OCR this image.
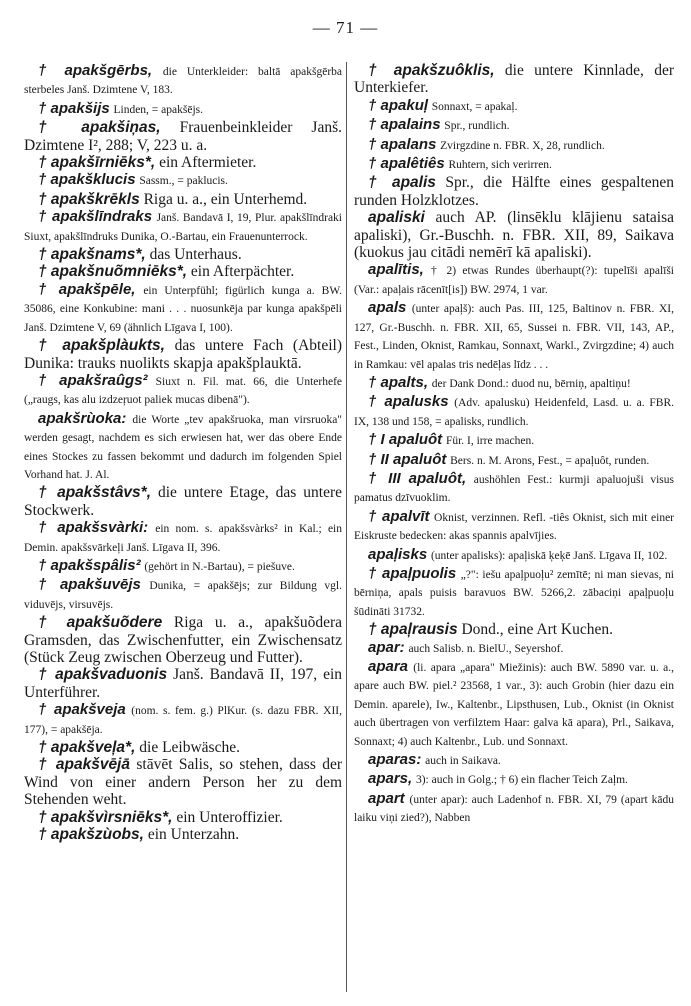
— 71 —

† apakšgērbs, die Unterkleider: baltā apakšgērba sterbeles Janš. Dzimtene V, 183.

† apakšijs Linden, = apakšējs.

† apakšiņas, Frauenbeinkleider Janš. Dzimtene I², 288; V, 223 u. a.

† apakšīrniēks*, ein Aftermieter.

† apakšklucis Sassm., = paklucis.

† apakškrēkls Riga u. a., ein Unterhemd.

† apakšlīndraks Janš. Bandavā I, 19, Plur. apakšlīndraki Siuxt, apakšlīndruks Dunika, O.-Bartau, ein Frauenunterrock.

† apakšnams*, das Unterhaus.

† apakšnuõmniēks*, ein Afterpächter.

† apakšpēle, ein Unterpfühl; figürlich kunga a. BW. 35086, eine Konkubine: mani . . . nuosunkēja par kunga apakšpēli Janš. Dzimtene V, 69 (ähnlich Līgava I, 100).

† apakšplàukts, das untere Fach (Abteil) Dunika: trauks nuolikts skapja apakšplauktā.

† apakšraûgs² Siuxt n. Fil. mat. 66, die Unterhefe („raugs, kas alu izdzeŗuot paliek mucas dibenā").

apakšrùoka: die Worte „tev apakšruoka, man virsruoka" werden gesagt, nachdem es sich erwiesen hat, wer das obere Ende eines Stockes zu fassen bekommt und dadurch im folgenden Spiel Vorhand hat. J. Al.

† apakšstâvs*, die untere Etage, das untere Stockwerk.

† apakšsvàrki: ein nom. s. apakšsvàrks² in Kal.; ein Demin. apakšsvārkeļi Janš. Līgava II, 396.

† apakšspâlis² (gehört in N.-Bartau), = piešuve.

† apakšuvējs Dunika, = apakšējs; zur Bildung vgl. viduvējs, virsuvējs.

† apakšuõdere Riga u. a., apakšuõdera Gramsden, das Zwischenfutter, ein Zwischensatz (Stück Zeug zwischen Oberzeug und Futter).

† apakšvaduonis Janš. Bandavā II, 197, ein Unterführer.

† apakšveja (nom. s. fem. g.) PlKur. (s. dazu FBR. XII, 177), = apakšēja.

† apakšveļa*, die Leibwäsche.

† apakšvējā stāvēt Salis, so stehen, dass der Wind von einer andern Person her zu dem Stehenden weht.

† apakšvìrsniēks*, ein Unteroffizier.

† apakšzùobs, ein Unterzahn.

† apakšzuôklis, die untere Kinnlade, der Unterkiefer.

† apakuļ Sonnaxt, = apakaļ.

† apalains Spr., rundlich.

† apalans Zvirgzdine n. FBR. X, 28, rundlich.

† apalêtiês Ruhtern, sich verirren.

† apalis Spr., die Hälfte eines gespaltenen runden Holzklotzes.

apaliski auch AP. (linsēklu klājienu sataisa apaliski), Gr.-Buschh. n. FBR. XII, 89, Saikava (kuokus jau citādi nemērī kā apaliski).

apalītis, † 2) etwas Rundes überhaupt(?): tupelīši apalīši (Var.: apaļais rācenīt[is]) BW. 2974, 1 var.

apals (unter apaļš): auch Pas. III, 125, Baltinov n. FBR. XI, 127, Gr.-Buschh. n. FBR. XII, 65, Sussei n. FBR. VII, 143, AP., Fest., Linden, Oknist, Ramkau, Sonnaxt, Warkl., Zvirgzdine; 4) auch in Ramkau: vēl apalas tris nedēļas līdz . . .

† apalts, der Dank Dond.: duod nu, bērniņ, apaltiņu!

† apalusks (Adv. apalusku) Heidenfeld, Lasd. u. a. FBR. IX, 138 und 158, = apalisks, rundlich.

† I apaluôt Für. I, irre machen.

† II apaluôt Bers. n. M. Arons, Fest., = apaļuôt, runden.

† III apaluôt, aushöhlen Fest.: kurmji apaluojuši visus pamatus dzīvuoklim.

† apalvīt Oknist, verzinnen. Refl. -tiês Oknist, sich mit einer Eiskruste bedecken: akas spannis apalvījies.

apaļisks (unter apalisks): apaļiskā ķeķē Janš. Līgava II, 102.

† apaļpuolis „?": iešu apaļpuoļu² zemītē; ni man sievas, ni bērniņa, apals puisis baravuos BW. 5266,2. zābaciņi apaļpuoļu šūdināti 31732.

† apaļrausis Dond., eine Art Kuchen.

apar: auch Salisb. n. BielU., Seyershof.

apara (li. apara „apara" Miežinis): auch BW. 5890 var. u. a., apare auch BW. piel.² 23568, 1 var., 3): auch Grobin (hier dazu ein Demin. aparele), Iw., Kaltenbr., Lipsthusen, Lub., Oknist (in Oknist auch übertragen von verfilztem Haar: galva kā apara), Prl., Saikava, Sonnaxt; 4) auch Kaltenbr., Lub. und Sonnaxt.

aparas: auch in Saikava.

apars, 3): auch in Golg.; † 6) ein flacher Teich Zaļm.

apart (unter apar): auch Ladenhof n. FBR. XI, 79 (apart kādu laiku viņi zied?), Nabben
